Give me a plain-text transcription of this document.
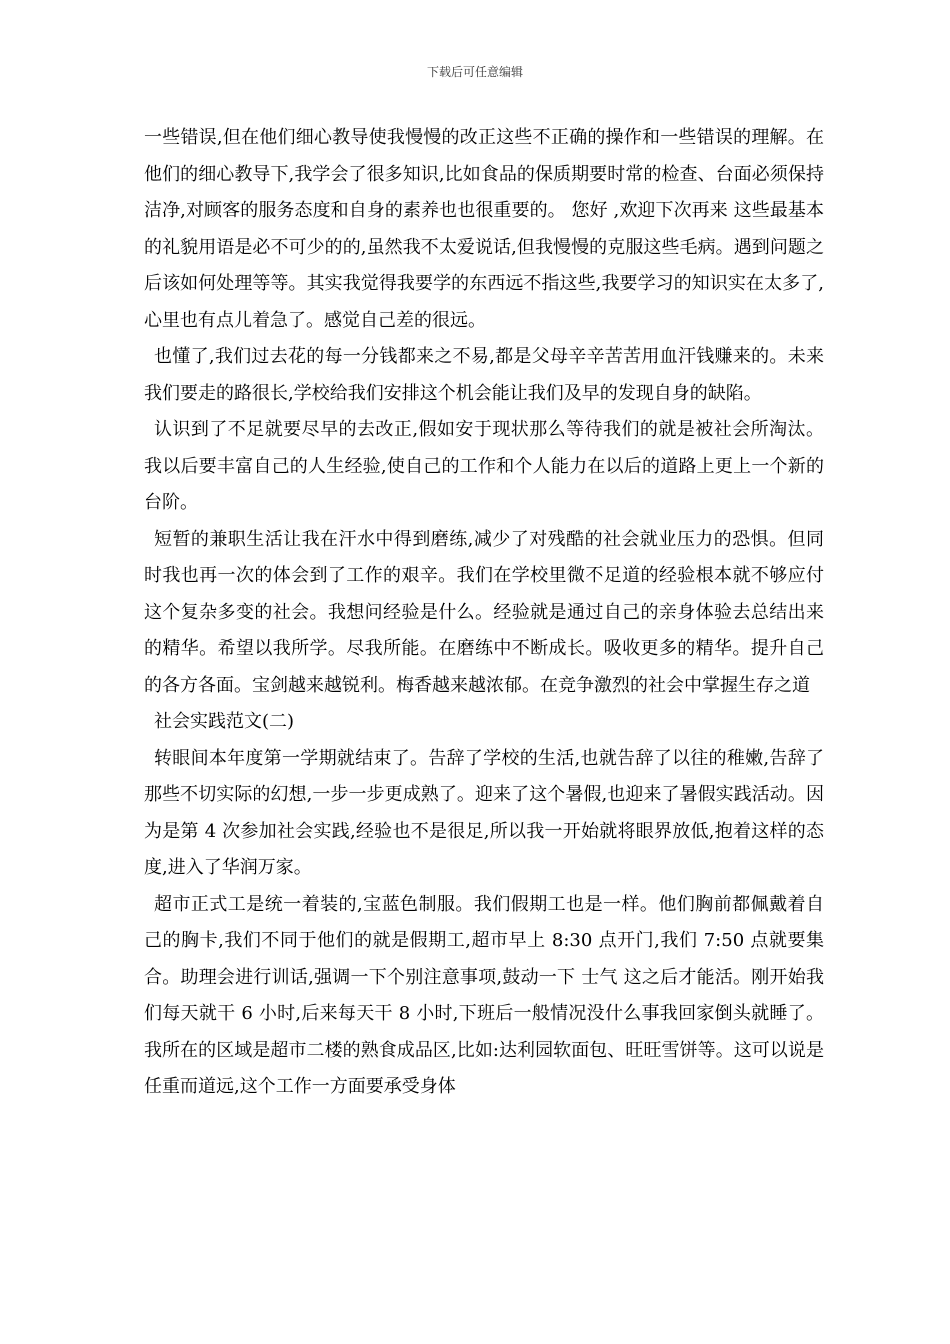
下载后可任意编辑

一些错误,但在他们细心教导使我慢慢的改正这些不正确的操作和一些错误的理解。在他们的细心教导下,我学会了很多知识,比如食品的保质期要时常的检查、台面必须保持洁净,对顾客的服务态度和自身的素养也也很重要的。 您好 ,欢迎下次再来 这些最基本的礼貌用语是必不可少的的,虽然我不太爱说话,但我慢慢的克服这些毛病。遇到问题之后该如何处理等等。其实我觉得我要学的东西远不指这些,我要学习的知识实在太多了,心里也有点儿着急了。感觉自己差的很远。

也懂了,我们过去花的每一分钱都来之不易,都是父母辛辛苦苦用血汗钱赚来的。未来我们要走的路很长,学校给我们安排这个机会能让我们及早的发现自身的缺陷。

认识到了不足就要尽早的去改正,假如安于现状那么等待我们的就是被社会所淘汰。我以后要丰富自己的人生经验,使自己的工作和个人能力在以后的道路上更上一个新的台阶。

短暂的兼职生活让我在汗水中得到磨练,减少了对残酷的社会就业压力的恐惧。但同时我也再一次的体会到了工作的艰辛。我们在学校里微不足道的经验根本就不够应付这个复杂多变的社会。我想问经验是什么。经验就是通过自己的亲身体验去总结出来的精华。希望以我所学。尽我所能。在磨练中不断成长。吸收更多的精华。提升自己的各方各面。宝剑越来越锐利。梅香越来越浓郁。在竞争激烈的社会中掌握生存之道

社会实践范文(二)

转眼间本年度第一学期就结束了。告辞了学校的生活,也就告辞了以往的稚嫩,告辞了那些不切实际的幻想,一步一步更成熟了。迎来了这个暑假,也迎来了暑假实践活动。因为是第 4 次参加社会实践,经验也不是很足,所以我一开始就将眼界放低,抱着这样的态度,进入了华润万家。

超市正式工是统一着装的,宝蓝色制服。我们假期工也是一样。他们胸前都佩戴着自己的胸卡,我们不同于他们的就是假期工,超市早上 8:30 点开门,我们 7:50 点就要集合。助理会进行训话,强调一下个别注意事项,鼓动一下 士气 这之后才能活。刚开始我们每天就干 6 小时,后来每天干 8 小时,下班后一般情况没什么事我回家倒头就睡了。我所在的区域是超市二楼的熟食成品区,比如:达利园软面包、旺旺雪饼等。这可以说是任重而道远,这个工作一方面要承受身体
